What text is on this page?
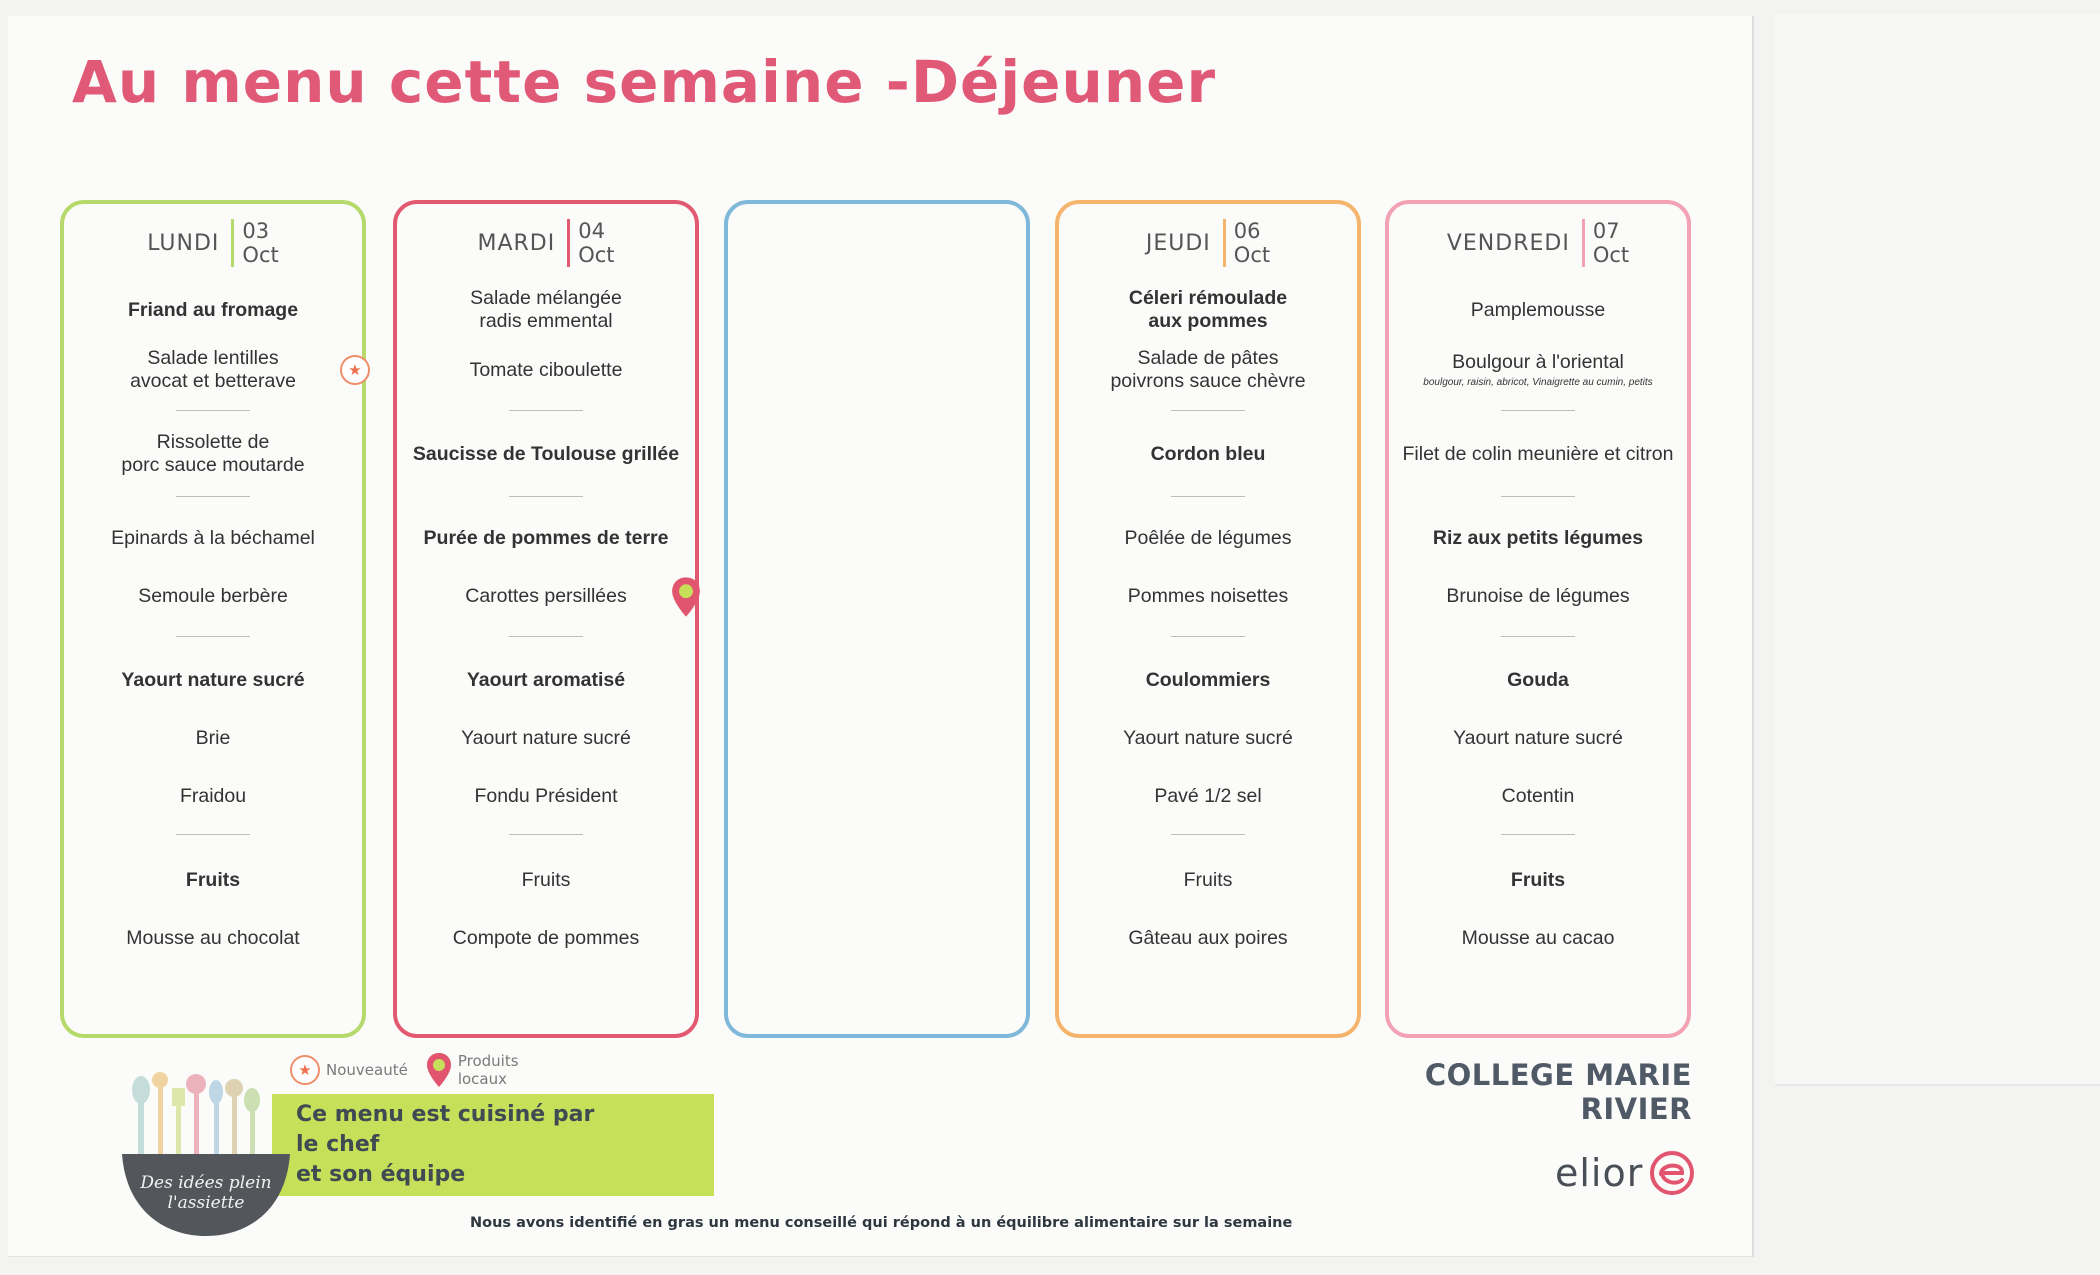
Au menu cette semaine -Déjeuner
LUNDI	03
Oct
Friand au fromage
Salade lentilles
avocat et betterave	★
Rissolette de
porc sauce moutarde
Epinards à la béchamel
Semoule berbère
Yaourt nature sucré
Brie
Fraidou
Fruits
Mousse au chocolat
MARDI	04
Oct
Salade mélangée
radis emmental
Tomate ciboulette
Saucisse de Toulouse grillée
Purée de pommes de terre
Carottes persillées
Yaourt aromatisé
Yaourt nature sucré
Fondu Président
Fruits
Compote de pommes
JEUDI	06
Oct
Céleri rémoulade
aux pommes
Salade de pâtes
poivrons sauce chèvre
Cordon bleu
Poêlée de légumes
Pommes noisettes
Coulommiers
Yaourt nature sucré
Pavé 1/2 sel
Fruits
Gâteau aux poires
VENDREDI	07
Oct
Pamplemousse
Boulgour à l'oriental
boulgour, raisin, abricot, Vinaigrette au cumin, petits
Filet de colin meunière et citron
Riz aux petits légumes
Brunoise de légumes
Gouda
Yaourt nature sucré
Cotentin
Fruits
Mousse au cacao
★ Nouveauté	Produits
locaux
Ce menu est cuisiné par
le chef
et son équipe
Des idées plein
l'assiette
COLLEGE MARIE RIVIER
elior
Nous avons identifié en gras un menu conseillé qui répond à un équilibre alimentaire sur la semaine
